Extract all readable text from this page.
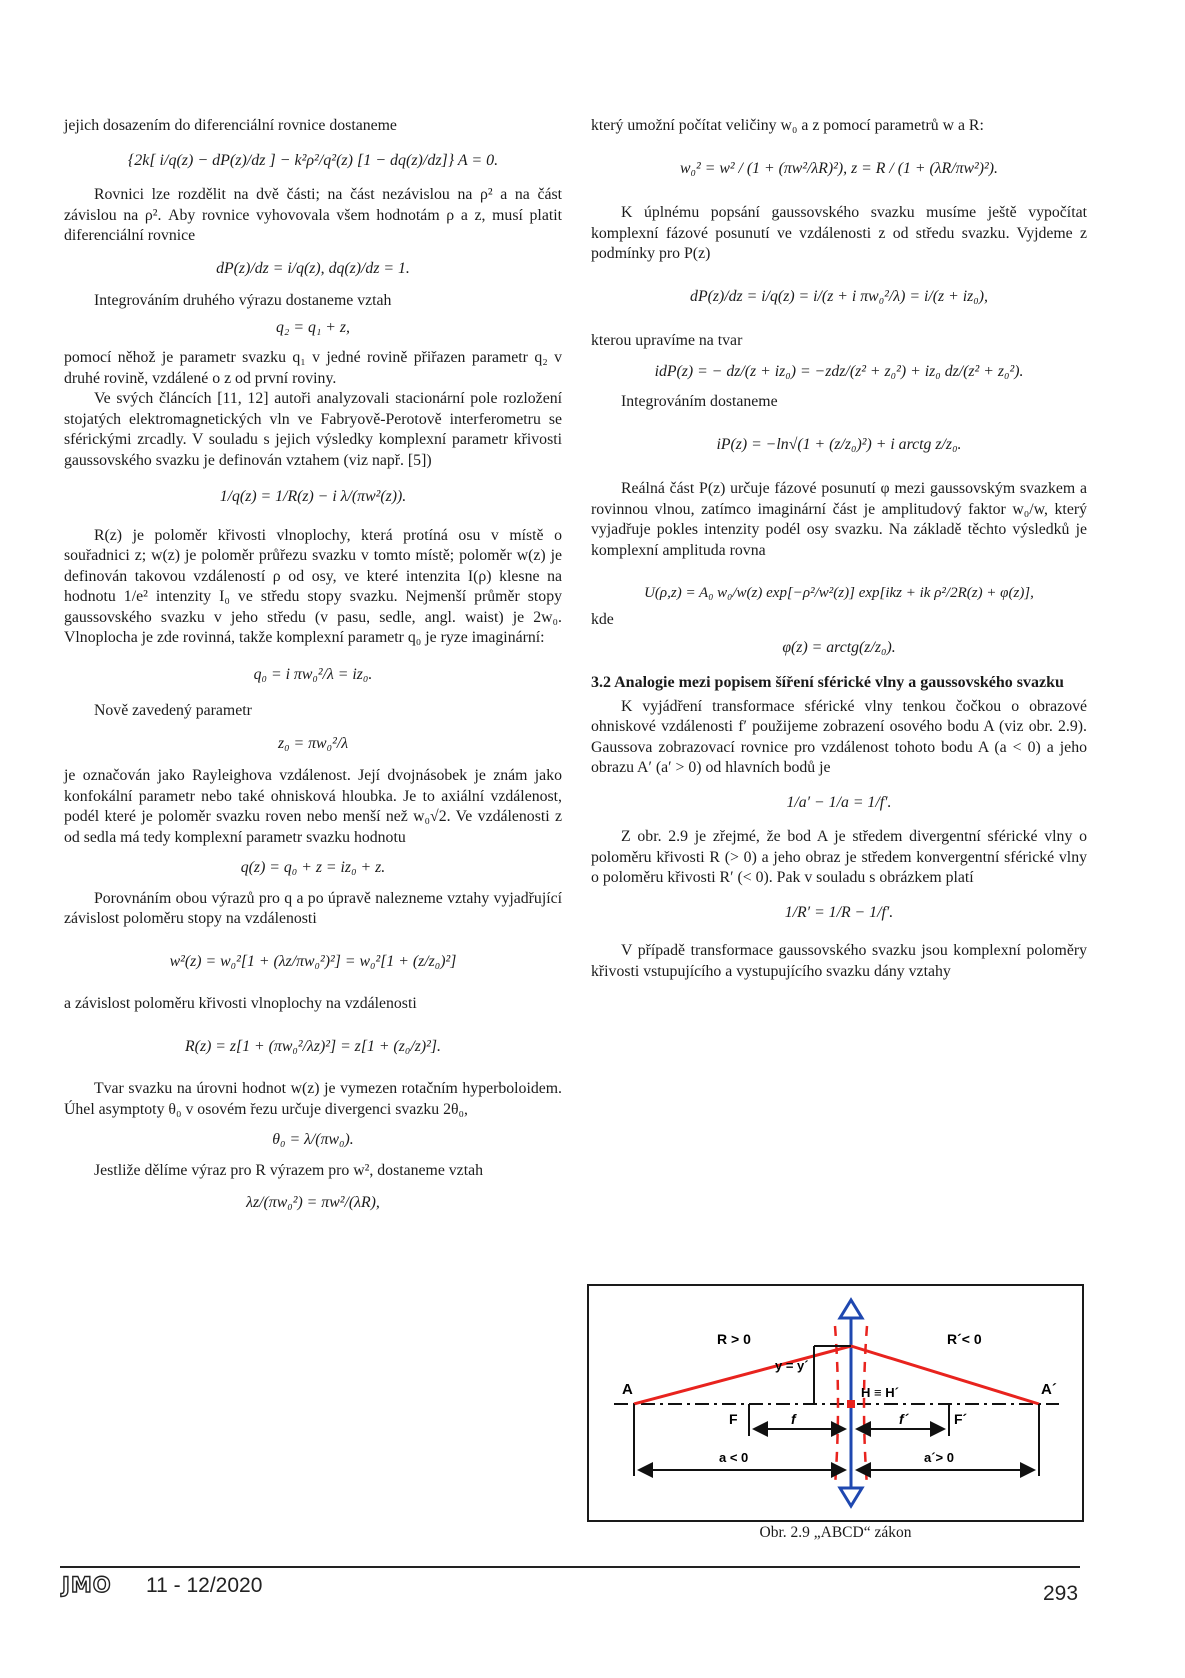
jejich dosazením do diferenciální rovnice dostaneme

{2k[ i/q(z) − dP(z)/dz ] − k²ρ²/q²(z) [1 − dq(z)/dz]} A = 0.

Rovnici lze rozdělit na dvě části; na část nezávislou na ρ² a na část závislou na ρ². Aby rovnice vyhovovala všem hodnotám ρ a z, musí platit diferenciální rovnice

dP(z)/dz = i/q(z), dq(z)/dz = 1.

Integrováním druhého výrazu dostaneme vztah

q₂ = q₁ + z,

pomocí něhož je parametr svazku q₁ v jedné rovině přiřazen parametr q₂ v druhé rovině, vzdálené o z od první roviny.

Ve svých článcích [11, 12] autoři analyzovali stacionární pole rozložení stojatých elektromagnetických vln ve Fabryově-Perotově interferometru se sférickými zrcadly. V souladu s jejich výsledky komplexní parametr křivosti gaussovského svazku je definován vztahem (viz např. [5])

1/q(z) = 1/R(z) − i λ/(πw²(z)).

R(z) je poloměr křivosti vlnoplochy, která protíná osu v místě o souřadnici z; w(z) je poloměr průřezu svazku v tomto místě; poloměr w(z) je definován takovou vzdáleností ρ od osy, ve které intenzita I(ρ) klesne na hodnotu 1/e² intenzity I₀ ve středu stopy svazku. Nejmenší průměr stopy gaussovského svazku v jeho středu (v pasu, sedle, angl. waist) je 2w₀. Vlnoplocha je zde rovinná, takže komplexní parametr q₀ je ryze imaginární:

q₀ = i πw₀²/λ = iz₀.

Nově zavedený parametr

z₀ = πw₀²/λ

je označován jako Rayleighova vzdálenost. Její dvojnásobek je znám jako konfokální parametr nebo také ohnisková hloubka. Je to axiální vzdálenost, podél které je poloměr svazku roven nebo menší než w₀√2. Ve vzdálenosti z od sedla má tedy komplexní parametr svazku hodnotu

q(z) = q₀ + z = iz₀ + z.

Porovnáním obou výrazů pro q a po úpravě nalezneme vztahy vyjadřující závislost poloměru stopy na vzdálenosti

w²(z) = w₀²[1 + (λz/πw₀²)²] = w₀²[1 + (z/z₀)²]

a závislost poloměru křivosti vlnoplochy na vzdálenosti

R(z) = z[1 + (πw₀²/λz)²] = z[1 + (z₀/z)²].

Tvar svazku na úrovni hodnot w(z) je vymezen rotačním hyperboloidem. Úhel asymptoty θ₀ v osovém řezu určuje divergenci svazku 2θ₀,

θ₀ = λ/(πw₀).

Jestliže dělíme výraz pro R výrazem pro w², dostaneme vztah

λz/(πw₀²) = πw²/(λR),

který umožní počítat veličiny w₀ a z pomocí parametrů w a R:

w₀² = w² / (1 + (πw²/λR)²), z = R / (1 + (λR/πw²)²).

K úplnému popsání gaussovského svazku musíme ještě vypočítat komplexní fázové posunutí ve vzdálenosti z od středu svazku. Vyjdeme z podmínky pro P(z)

dP(z)/dz = i/q(z) = i/(z + i πw₀²/λ) = i/(z + iz₀),

kterou upravíme na tvar

idP(z) = − dz/(z + iz₀) = −zdz/(z² + z₀²) + iz₀ dz/(z² + z₀²).

Integrováním dostaneme

iP(z) = −ln√(1 + (z/z₀)²) + i arctg z/z₀.

Reálná část P(z) určuje fázové posunutí φ mezi gaussovským svazkem a rovinnou vlnou, zatímco imaginární část je amplitudový faktor w₀/w, který vyjadřuje pokles intenzity podél osy svazku. Na základě těchto výsledků je komplexní amplituda rovna

U(ρ,z) = A₀ w₀/w(z) exp[−ρ²/w²(z)] exp[ikz + ik ρ²/2R(z) + φ(z)],

kde

φ(z) = arctg(z/z₀).
3.2 Analogie mezi popisem šíření sférické vlny a gaussovského svazku

K vyjádření transformace sférické vlny tenkou čočkou o obrazové ohniskové vzdálenosti f′ použijeme zobrazení osového bodu A (viz obr. 2.9). Gaussova zobrazovací rovnice pro vzdálenost tohoto bodu A (a < 0) a jeho obrazu A′ (a′ > 0) od hlavních bodů je

1/a′ − 1/a = 1/f′.

Z obr. 2.9 je zřejmé, že bod A je středem divergentní sférické vlny o poloměru křivosti R (> 0) a jeho obraz je středem konvergentní sférické vlny o poloměru křivosti R′ (< 0). Pak v souladu s obrázkem platí

1/R′ = 1/R − 1/f′.

V případě transformace gaussovského svazku jsou komplexní poloměry křivosti vstupujícího a vystupujícího svazku dány vztahy

R > 0	R´< 0
A	A´
y = y´
H ≡ H´
F	F´
f	f´
a < 0	a´> 0
Obr. 2.9 „ABCD“ zákon
JMO 11 - 12/2020	293
